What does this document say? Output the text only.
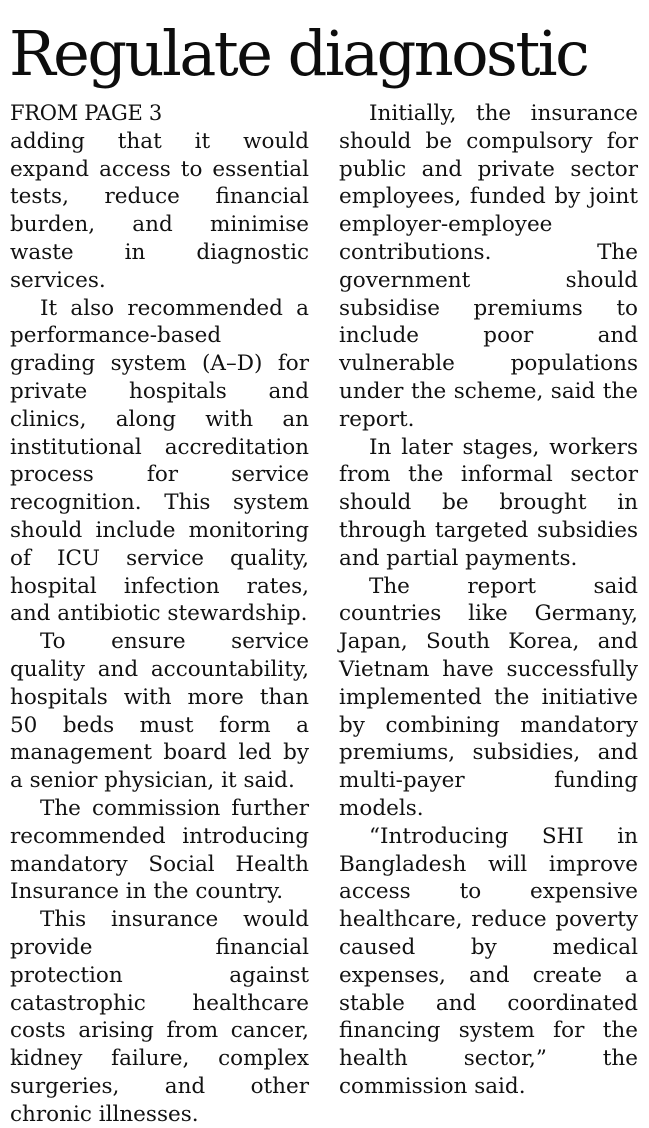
Regulate diagnostic
FROM PAGE 3

adding that it would expand access to essential tests, reduce financial burden, and minimise waste in diagnostic services.

It also recommended a performance-based grading system (A–D) for private hospitals and clinics, along with an institutional accreditation process for service recognition. This system should include monitoring of ICU service quality, hospital infection rates, and antibiotic stewardship.

To ensure service quality and accountability, hospitals with more than 50 beds must form a management board led by a senior physician, it said.

The commission further recommended introducing mandatory Social Health Insurance in the country.

This insurance would provide financial protection against catastrophic healthcare costs arising from cancer, kidney failure, complex surgeries, and other chronic illnesses.

Initially, the insurance should be compulsory for public and private sector employees, funded by joint employer-employee contributions. The government should subsidise premiums to include poor and vulnerable populations under the scheme, said the report.

In later stages, workers from the informal sector should be brought in through targeted subsidies and partial payments.

The report said countries like Germany, Japan, South Korea, and Vietnam have successfully implemented the initiative by combining mandatory premiums, subsidies, and multi-payer funding models.

“Introducing SHI in Bangladesh will improve access to expensive healthcare, reduce poverty caused by medical expenses, and create a stable and coordinated financing system for the health sector,” the commission said.
